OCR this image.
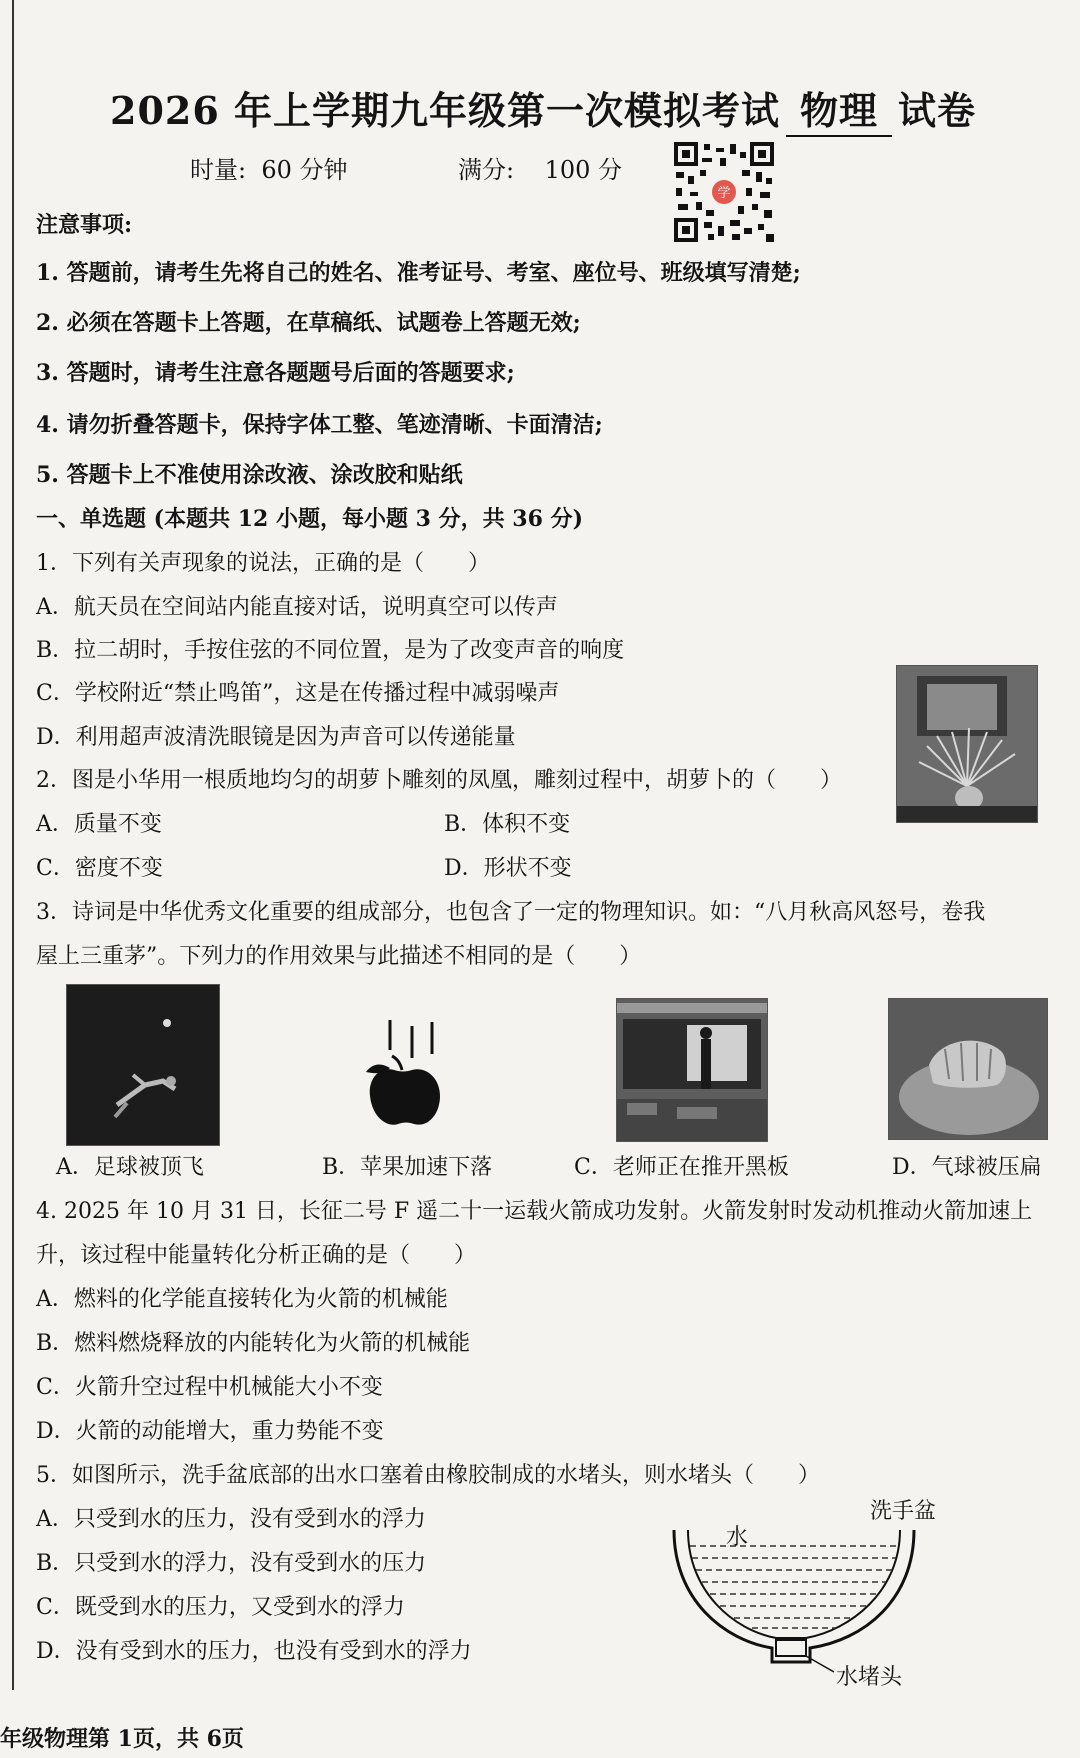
2026 年上学期九年级第一次模拟考试 物理 试卷
时量: 60 分钟	满分: 100 分
学
注意事项:
1. 答题前，请考生先将自己的姓名、准考证号、考室、座位号、班级填写清楚;
2. 必须在答题卡上答题，在草稿纸、试题卷上答题无效;
3. 答题时，请考生注意各题题号后面的答题要求;
4. 请勿折叠答题卡，保持字体工整、笔迹清晰、卡面清洁;
5. 答题卡上不准使用涂改液、涂改胶和贴纸
一、单选题 (本题共 12 小题，每小题 3 分，共 36 分)
1．下列有关声现象的说法，正确的是（　　）
A．航天员在空间站内能直接对话，说明真空可以传声
B．拉二胡时，手按住弦的不同位置，是为了改变声音的响度
C．学校附近“禁止鸣笛”，这是在传播过程中减弱噪声
D．利用超声波清洗眼镜是因为声音可以传递能量
2．图是小华用一根质地均匀的胡萝卜雕刻的凤凰，雕刻过程中，胡萝卜的（　　）
A．质量不变	B．体积不变
C．密度不变	D．形状不变
3．诗词是中华优秀文化重要的组成部分，也包含了一定的物理知识。如：“八月秋高风怒号，卷我
屋上三重茅”。下列力的作用效果与此描述不相同的是（　　）
A．足球被顶飞	B．苹果加速下落	C．老师正在推开黑板	D．气球被压扁
4. 2025 年 10 月 31 日，长征二号 F 遥二十一运载火箭成功发射。火箭发射时发动机推动火箭加速上
升，该过程中能量转化分析正确的是（　　）
A．燃料的化学能直接转化为火箭的机械能
B．燃料燃烧释放的内能转化为火箭的机械能
C．火箭升空过程中机械能大小不变
D．火箭的动能增大，重力势能不变
5．如图所示，洗手盆底部的出水口塞着由橡胶制成的水堵头，则水堵头（　　）
A．只受到水的压力，没有受到水的浮力
B．只受到水的浮力，没有受到水的压力
C．既受到水的压力，又受到水的浮力
D．没有受到水的压力，也没有受到水的浮力
洗手盆
水
水堵头
年级物理第 1页，共 6页
